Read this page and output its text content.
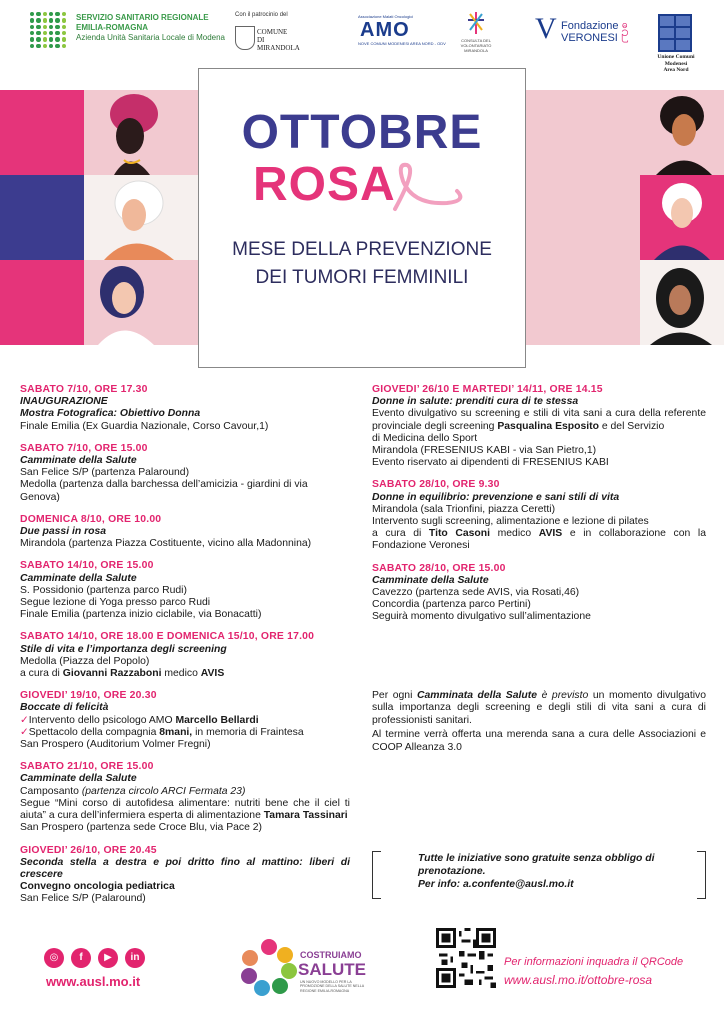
SERVIZIO SANITARIO REGIONALE
EMILIA-ROMAGNA
Azienda Unità Sanitaria Locale di Modena
Con il patrocinio del
COMUNE
DI
MIRANDOLA
Associazione Malati Oncologici
AMO
NOVE COMUNI MODENESI AREA NORD - ODV
CONSULTA DEL VOLONTARIATO MIRANDOLA
V Fondazione
VERONESI ဦ
Unione Comuni
Modenesi
Area Nord
OTTOBRE
ROSA
MESE DELLA PREVENZIONE
DEI TUMORI FEMMINILI
SABATO 7/10, ORE 17.30
INAUGURAZIONE
Mostra Fotografica: Obiettivo Donna
Finale Emilia (Ex Guardia Nazionale, Corso Cavour,1)
SABATO 7/10, ORE 15.00
Camminate della Salute
San Felice S/P (partenza Palaround)
Medolla (partenza dalla barchessa dell’amicizia - giardini di via Genova)
DOMENICA 8/10, ORE 10.00
Due passi in rosa
Mirandola (partenza Piazza Costituente, vicino alla Madonnina)
SABATO 14/10, ORE 15.00
Camminate della Salute
S. Possidonio (partenza parco Rudi)
Segue lezione di Yoga presso parco Rudi
Finale Emilia (partenza inizio ciclabile, via Bonacatti)
SABATO 14/10, ORE 18.00 E DOMENICA 15/10, ORE 17.00
Stile di vita e l’importanza degli screening
Medolla (Piazza del Popolo)
a cura di Giovanni Razzaboni medico AVIS
GIOVEDI’ 19/10, ORE 20.30
Boccate di felicità
✓Intervento dello psicologo AMO Marcello Bellardi
✓Spettacolo della compagnia 8mani, in memoria di Fraintesa
San Prospero (Auditorium Volmer Fregni)
SABATO 21/10, ORE 15.00
Camminate della Salute
Camposanto (partenza circolo ARCI Fermata 23)
Segue “Mini corso di autofidesa alimentare: nutriti bene che il ciel ti aiuta” a cura dell’infermiera esperta di alimentazione Tamara Tassinari
San Prospero (partenza sede Croce Blu, via Pace 2)
GIOVEDI’ 26/10, ORE 20.45
Seconda stella a destra e poi dritto fino al mattino: liberi di crescere
Convegno oncologia pediatrica
San Felice S/P (Palaround)
GIOVEDI’ 26/10 E MARTEDI’ 14/11, ORE 14.15
Donne in salute: prenditi cura di te stessa
Evento divulgativo su screening e stili di vita sani a cura della referente provinciale degli screening Pasqualina Esposito e del Servizio
di Medicina dello Sport
Mirandola (FRESENIUS KABI - via San Pietro,1)
Evento riservato ai dipendenti di FRESENIUS KABI
SABATO 28/10, ORE 9.30
Donne in equilibrio: prevenzione e sani stili di vita
Mirandola (sala Trionfini, piazza Ceretti)
Intervento sugli screening, alimentazione e lezione di pilates
a cura di Tito Casoni medico AVIS e in collaborazione con la Fondazione Veronesi
SABATO 28/10, ORE 15.00
Camminate della Salute
Cavezzo (partenza sede AVIS, via Rosati,46)
Concordia (partenza parco Pertini)
Seguirà momento divulgativo sull’alimentazione

Per ogni Camminata della Salute è previsto un momento divulgativo sulla importanza degli screening e degli stili di vita sani a cura di professionisti sanitari.

Al termine verrà offerta una merenda sana a cura delle Associazioni e COOP Alleanza 3.0

Tutte le iniziative sono gratuite senza obbligo di
prenotazione.
Per info: a.confente@ausl.mo.it
◎	f	▶	in
www.ausl.mo.it
COSTRUIAMO
SALUTE
UN NUOVO MODELLO PER LA PROMOZIONE DELLA SALUTE NELLA REGIONE EMILIA-ROMAGNA
Per informazioni inquadra il QRCode
www.ausl.mo.it/ottobre-rosa
